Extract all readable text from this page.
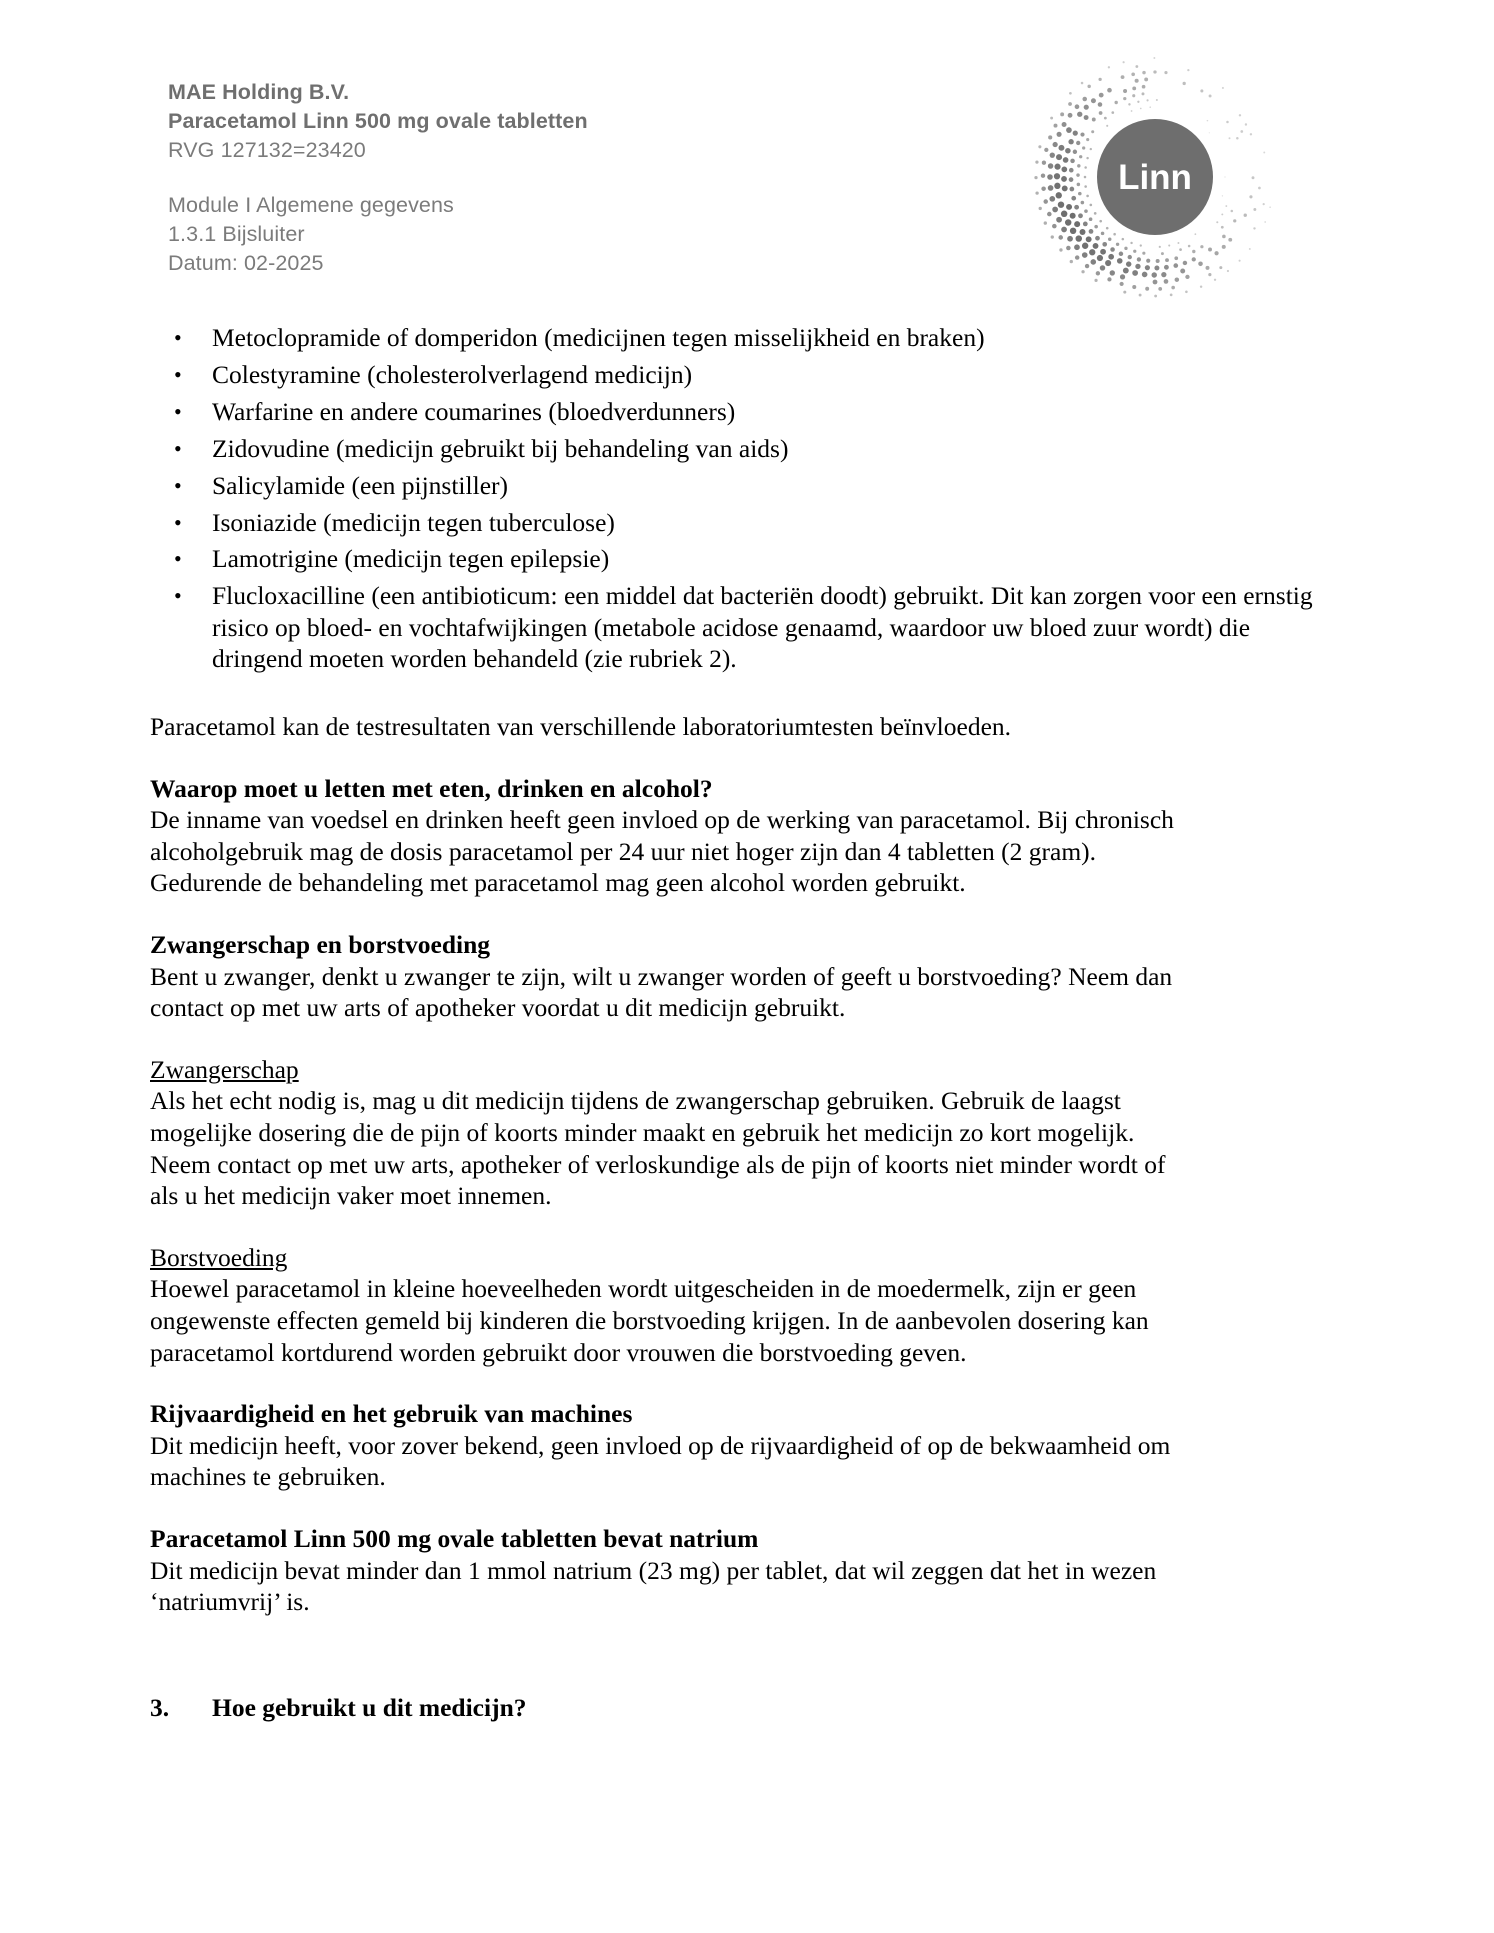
MAE Holding B.V.
Paracetamol Linn 500 mg ovale tabletten
RVG 127132=23420
Module I Algemene gegevens
1.3.1 Bijsluiter
Datum: 02-2025
Linn
• Metoclopramide of domperidon (medicijnen tegen misselijkheid en braken)
• Colestyramine (cholesterolverlagend medicijn)
• Warfarine en andere coumarines (bloedverdunners)
• Zidovudine (medicijn gebruikt bij behandeling van aids)
• Salicylamide (een pijnstiller)
• Isoniazide (medicijn tegen tuberculose)
• Lamotrigine (medicijn tegen epilepsie)
• Flucloxacilline (een antibioticum: een middel dat bacteriën doodt) gebruikt. Dit kan zorgen voor een ernstig risico op bloed- en vochtafwijkingen (metabole acidose genaamd, waardoor uw bloed zuur wordt) die dringend moeten worden behandeld (zie rubriek 2).

Paracetamol kan de testresultaten van verschillende laboratoriumtesten beïnvloeden.

Waarop moet u letten met eten, drinken en alcohol?

De inname van voedsel en drinken heeft geen invloed op de werking van paracetamol. Bij chronisch alcoholgebruik mag de dosis paracetamol per 24 uur niet hoger zijn dan 4 tabletten (2 gram). Gedurende de behandeling met paracetamol mag geen alcohol worden gebruikt.

Zwangerschap en borstvoeding

Bent u zwanger, denkt u zwanger te zijn, wilt u zwanger worden of geeft u borstvoeding? Neem dan contact op met uw arts of apotheker voordat u dit medicijn gebruikt.

Zwangerschap

Als het echt nodig is, mag u dit medicijn tijdens de zwangerschap gebruiken. Gebruik de laagst mogelijke dosering die de pijn of koorts minder maakt en gebruik het medicijn zo kort mogelijk. Neem contact op met uw arts, apotheker of verloskundige als de pijn of koorts niet minder wordt of als u het medicijn vaker moet innemen.

Borstvoeding

Hoewel paracetamol in kleine hoeveelheden wordt uitgescheiden in de moedermelk, zijn er geen ongewenste effecten gemeld bij kinderen die borstvoeding krijgen. In de aanbevolen dosering kan paracetamol kortdurend worden gebruikt door vrouwen die borstvoeding geven.

Rijvaardigheid en het gebruik van machines

Dit medicijn heeft, voor zover bekend, geen invloed op de rijvaardigheid of op de bekwaamheid om machines te gebruiken.

Paracetamol Linn 500 mg ovale tabletten bevat natrium

Dit medicijn bevat minder dan 1 mmol natrium (23 mg) per tablet, dat wil zeggen dat het in wezen ‘natriumvrij’ is.

3.	Hoe gebruikt u dit medicijn?
